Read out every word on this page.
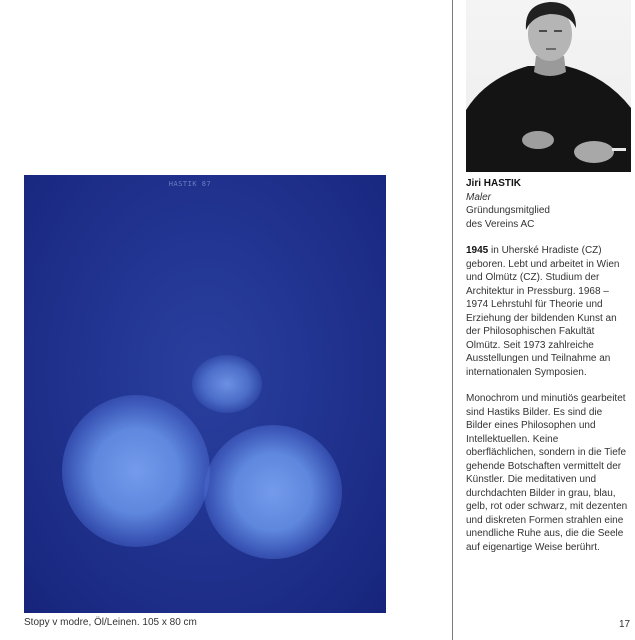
HASTIK 87
Stopy v modre, Öl/Leinen. 105 x 80 cm
Jiri HASTIK
Maler
Gründungsmitglied
des Vereins AC
1945 in Uherské Hradiste (CZ) geboren. Lebt und arbeitet in Wien und Olmütz (CZ). Studium der Architektur in Pressburg. 1968 – 1974 Lehrstuhl für Theorie und Erziehung der bildenden Kunst an der Philosophischen Fakultät Olmütz. Seit 1973 zahlreiche Ausstellungen und Teilnahme an internationalen Symposien.
Monochrom und minutiös gearbeitet sind Hastiks Bilder. Es sind die Bilder eines Philosophen und Intellektuellen. Keine oberflächlichen, sondern in die Tiefe gehende Botschaften vermittelt der Künstler. Die meditativen und durchdachten Bilder in grau, blau, gelb, rot oder schwarz, mit dezenten und diskreten Formen strahlen eine unendliche Ruhe aus, die die Seele auf eigenartige Weise berührt.
17
